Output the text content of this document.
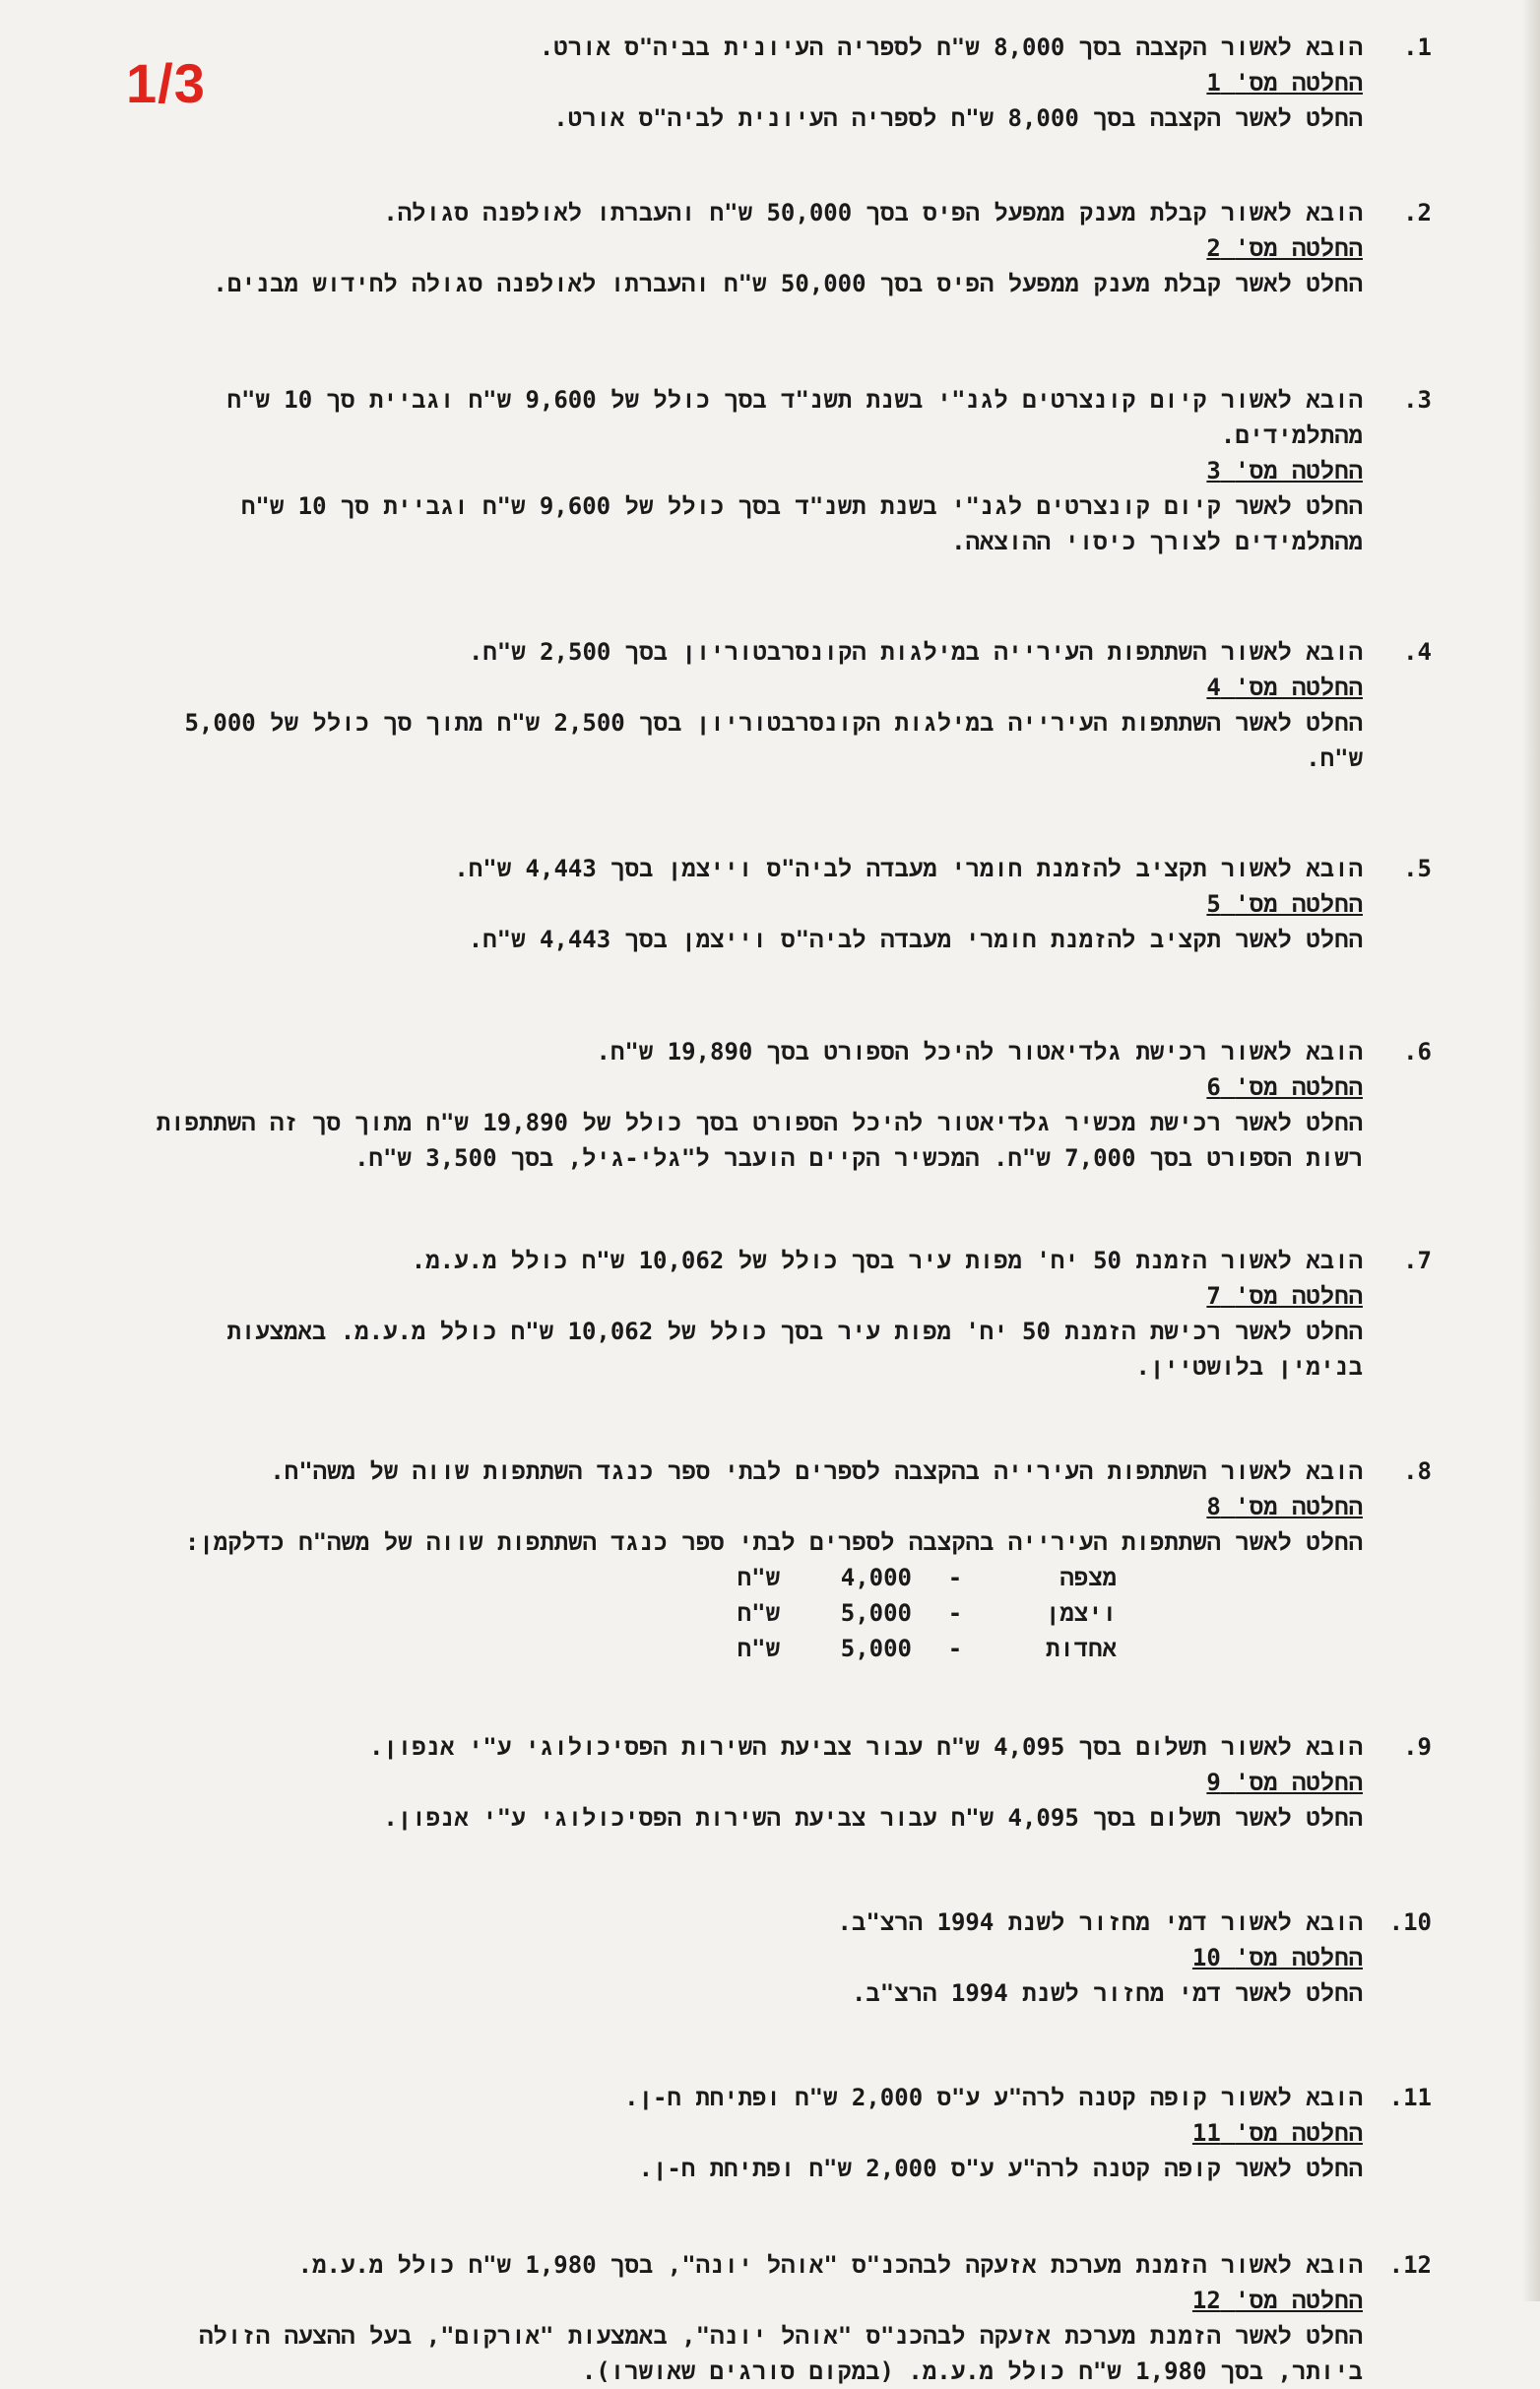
1/3
1.
הובא לאשור הקצבה בסך 8,000 ש"ח לספריה העיונית בביה"ס אורט.
החלטה מס' 1
החלט לאשר הקצבה בסך 8,000 ש"ח לספריה העיונית לביה"ס אורט.
2.
הובא לאשור קבלת מענק ממפעל הפיס בסך 50,000 ש"ח והעברתו לאולפנה סגולה.
החלטה מס' 2
החלט לאשר קבלת מענק ממפעל הפיס בסך 50,000 ש"ח והעברתו לאולפנה סגולה לחידוש מבנים.
3.
הובא לאשור קיום קונצרטים לגנ"י בשנת תשנ"ד בסך כולל של 9,600 ש"ח וגביית סך 10 ש"ח מהתלמידים.
החלטה מס' 3
החלט לאשר קיום קונצרטים לגנ"י בשנת תשנ"ד בסך כולל של 9,600 ש"ח וגביית סך 10 ש"ח מהתלמידים לצורך כיסוי ההוצאה.
4.
הובא לאשור השתתפות העירייה במילגות הקונסרבטוריון בסך 2,500 ש"ח.
החלטה מס' 4
החלט לאשר השתתפות העירייה במילגות הקונסרבטוריון בסך 2,500 ש"ח מתוך סך כולל של 5,000 ש"ח.
5.
הובא לאשור תקציב להזמנת חומרי מעבדה לביה"ס וייצמן בסך 4,443 ש"ח.
החלטה מס' 5
החלט לאשר תקציב להזמנת חומרי מעבדה לביה"ס וייצמן בסך 4,443 ש"ח.
6.
הובא לאשור רכישת גלדיאטור להיכל הספורט בסך 19,890 ש"ח.
החלטה מס' 6
החלט לאשר רכישת מכשיר גלדיאטור להיכל הספורט בסך כולל של 19,890 ש"ח מתוך סך זה השתתפות רשות הספורט בסך 7,000 ש"ח. המכשיר הקיים הועבר ל"גלי-גיל, בסך 3,500 ש"ח.
7.
הובא לאשור הזמנת 50 יח' מפות עיר בסך כולל של 10,062 ש"ח כולל מ.ע.מ.
החלטה מס' 7
החלט לאשר רכישת הזמנת 50 יח' מפות עיר בסך כולל של 10,062 ש"ח כולל מ.ע.מ. באמצעות בנימין בלושטיין.
8.
הובא לאשור השתתפות העירייה בהקצבה לספרים לבתי ספר כנגד השתתפות שווה של משה"ח.
החלטה מס' 8
החלט לאשר השתתפות העירייה בהקצבה לספרים לבתי ספר כנגד השתתפות שווה של משה"ח כדלקמן:
מצפה
-
4,000
ש"ח
ויצמן
-
5,000
ש"ח
אחדות
-
5,000
ש"ח
9.
הובא לאשור תשלום בסך 4,095 ש"ח עבור צביעת השירות הפסיכולוגי ע"י אנפון.
החלטה מס' 9
החלט לאשר תשלום בסך 4,095 ש"ח עבור צביעת השירות הפסיכולוגי ע"י אנפון.
10.
הובא לאשור דמי מחזור לשנת 1994 הרצ"ב.
החלטה מס' 10
החלט לאשר דמי מחזור לשנת 1994 הרצ"ב.
11.
הובא לאשור קופה קטנה לרה"ע ע"ס 2,000 ש"ח ופתיחת ח-ן.
החלטה מס' 11
החלט לאשר קופה קטנה לרה"ע ע"ס 2,000 ש"ח ופתיחת ח-ן.
12.
הובא לאשור הזמנת מערכת אזעקה לבהכנ"ס "אוהל יונה", בסך 1,980 ש"ח כולל מ.ע.מ.
החלטה מס' 12
החלט לאשר הזמנת מערכת אזעקה לבהכנ"ס "אוהל יונה", באמצעות "אורקום", בעל ההצעה הזולה ביותר, בסך 1,980 ש"ח כולל מ.ע.מ. (במקום סורגים שאושרו).
